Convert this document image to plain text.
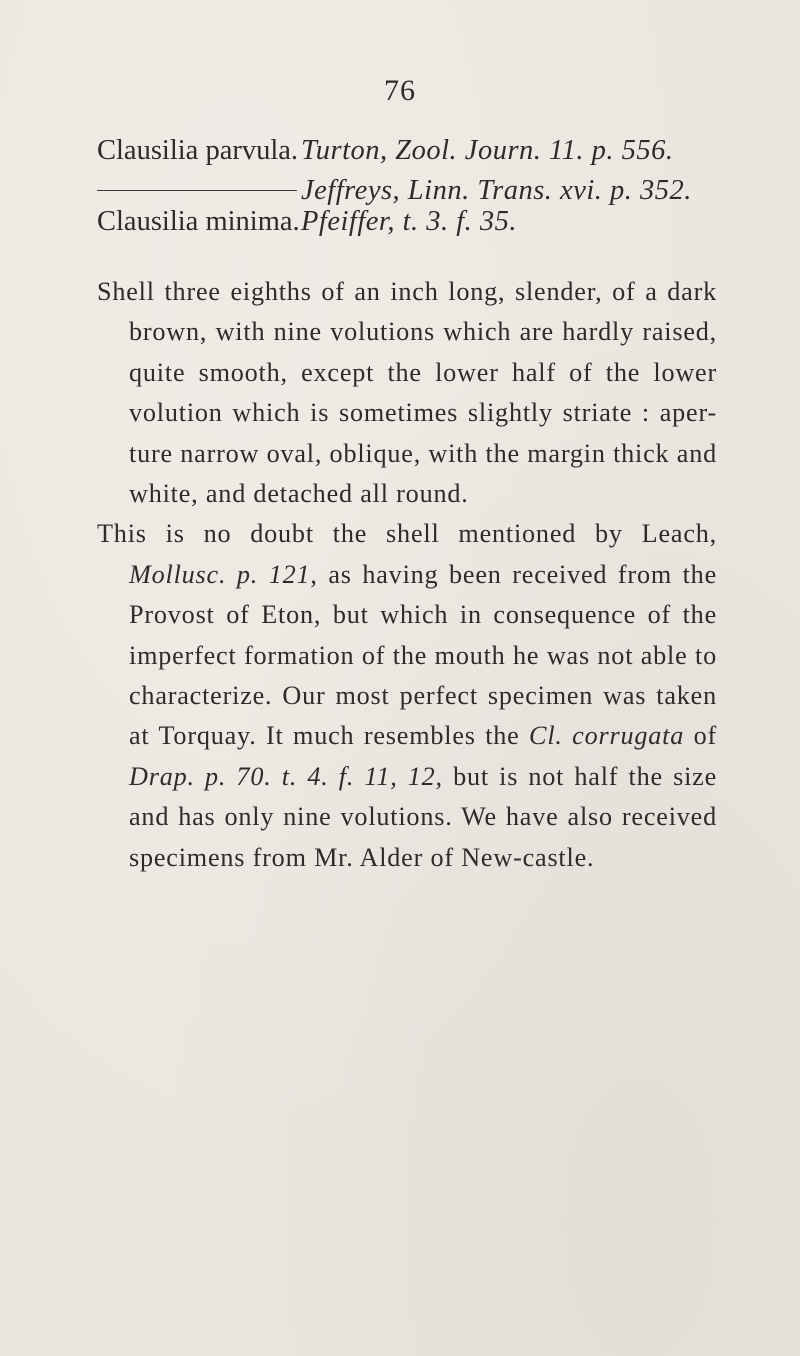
76
Clausilia parvula. Turton, Zool. Journ. 11. p. 556.
Jeffreys, Linn. Trans. xvi. p. 352.
Clausilia minima.Pfeiffer, t. 3. f. 35.

Shell three eighths of an inch long, slender, of a dark brown, with nine volutions which are hardly raised, quite smooth, except the lower half of the lower volution which is sometimes slightly striate : aper-ture narrow oval, oblique, with the margin thick and white, and detached all round.

This is no doubt the shell mentioned by Leach, Mollusc. p. 121, as having been received from the Provost of Eton, but which in consequence of the imperfect formation of the mouth he was not able to characterize. Our most perfect specimen was taken at Torquay. It much resembles the Cl. corrugata of Drap. p. 70. t. 4. f. 11, 12, but is not half the size and has only nine volutions. We have also received specimens from Mr. Alder of New-castle.
